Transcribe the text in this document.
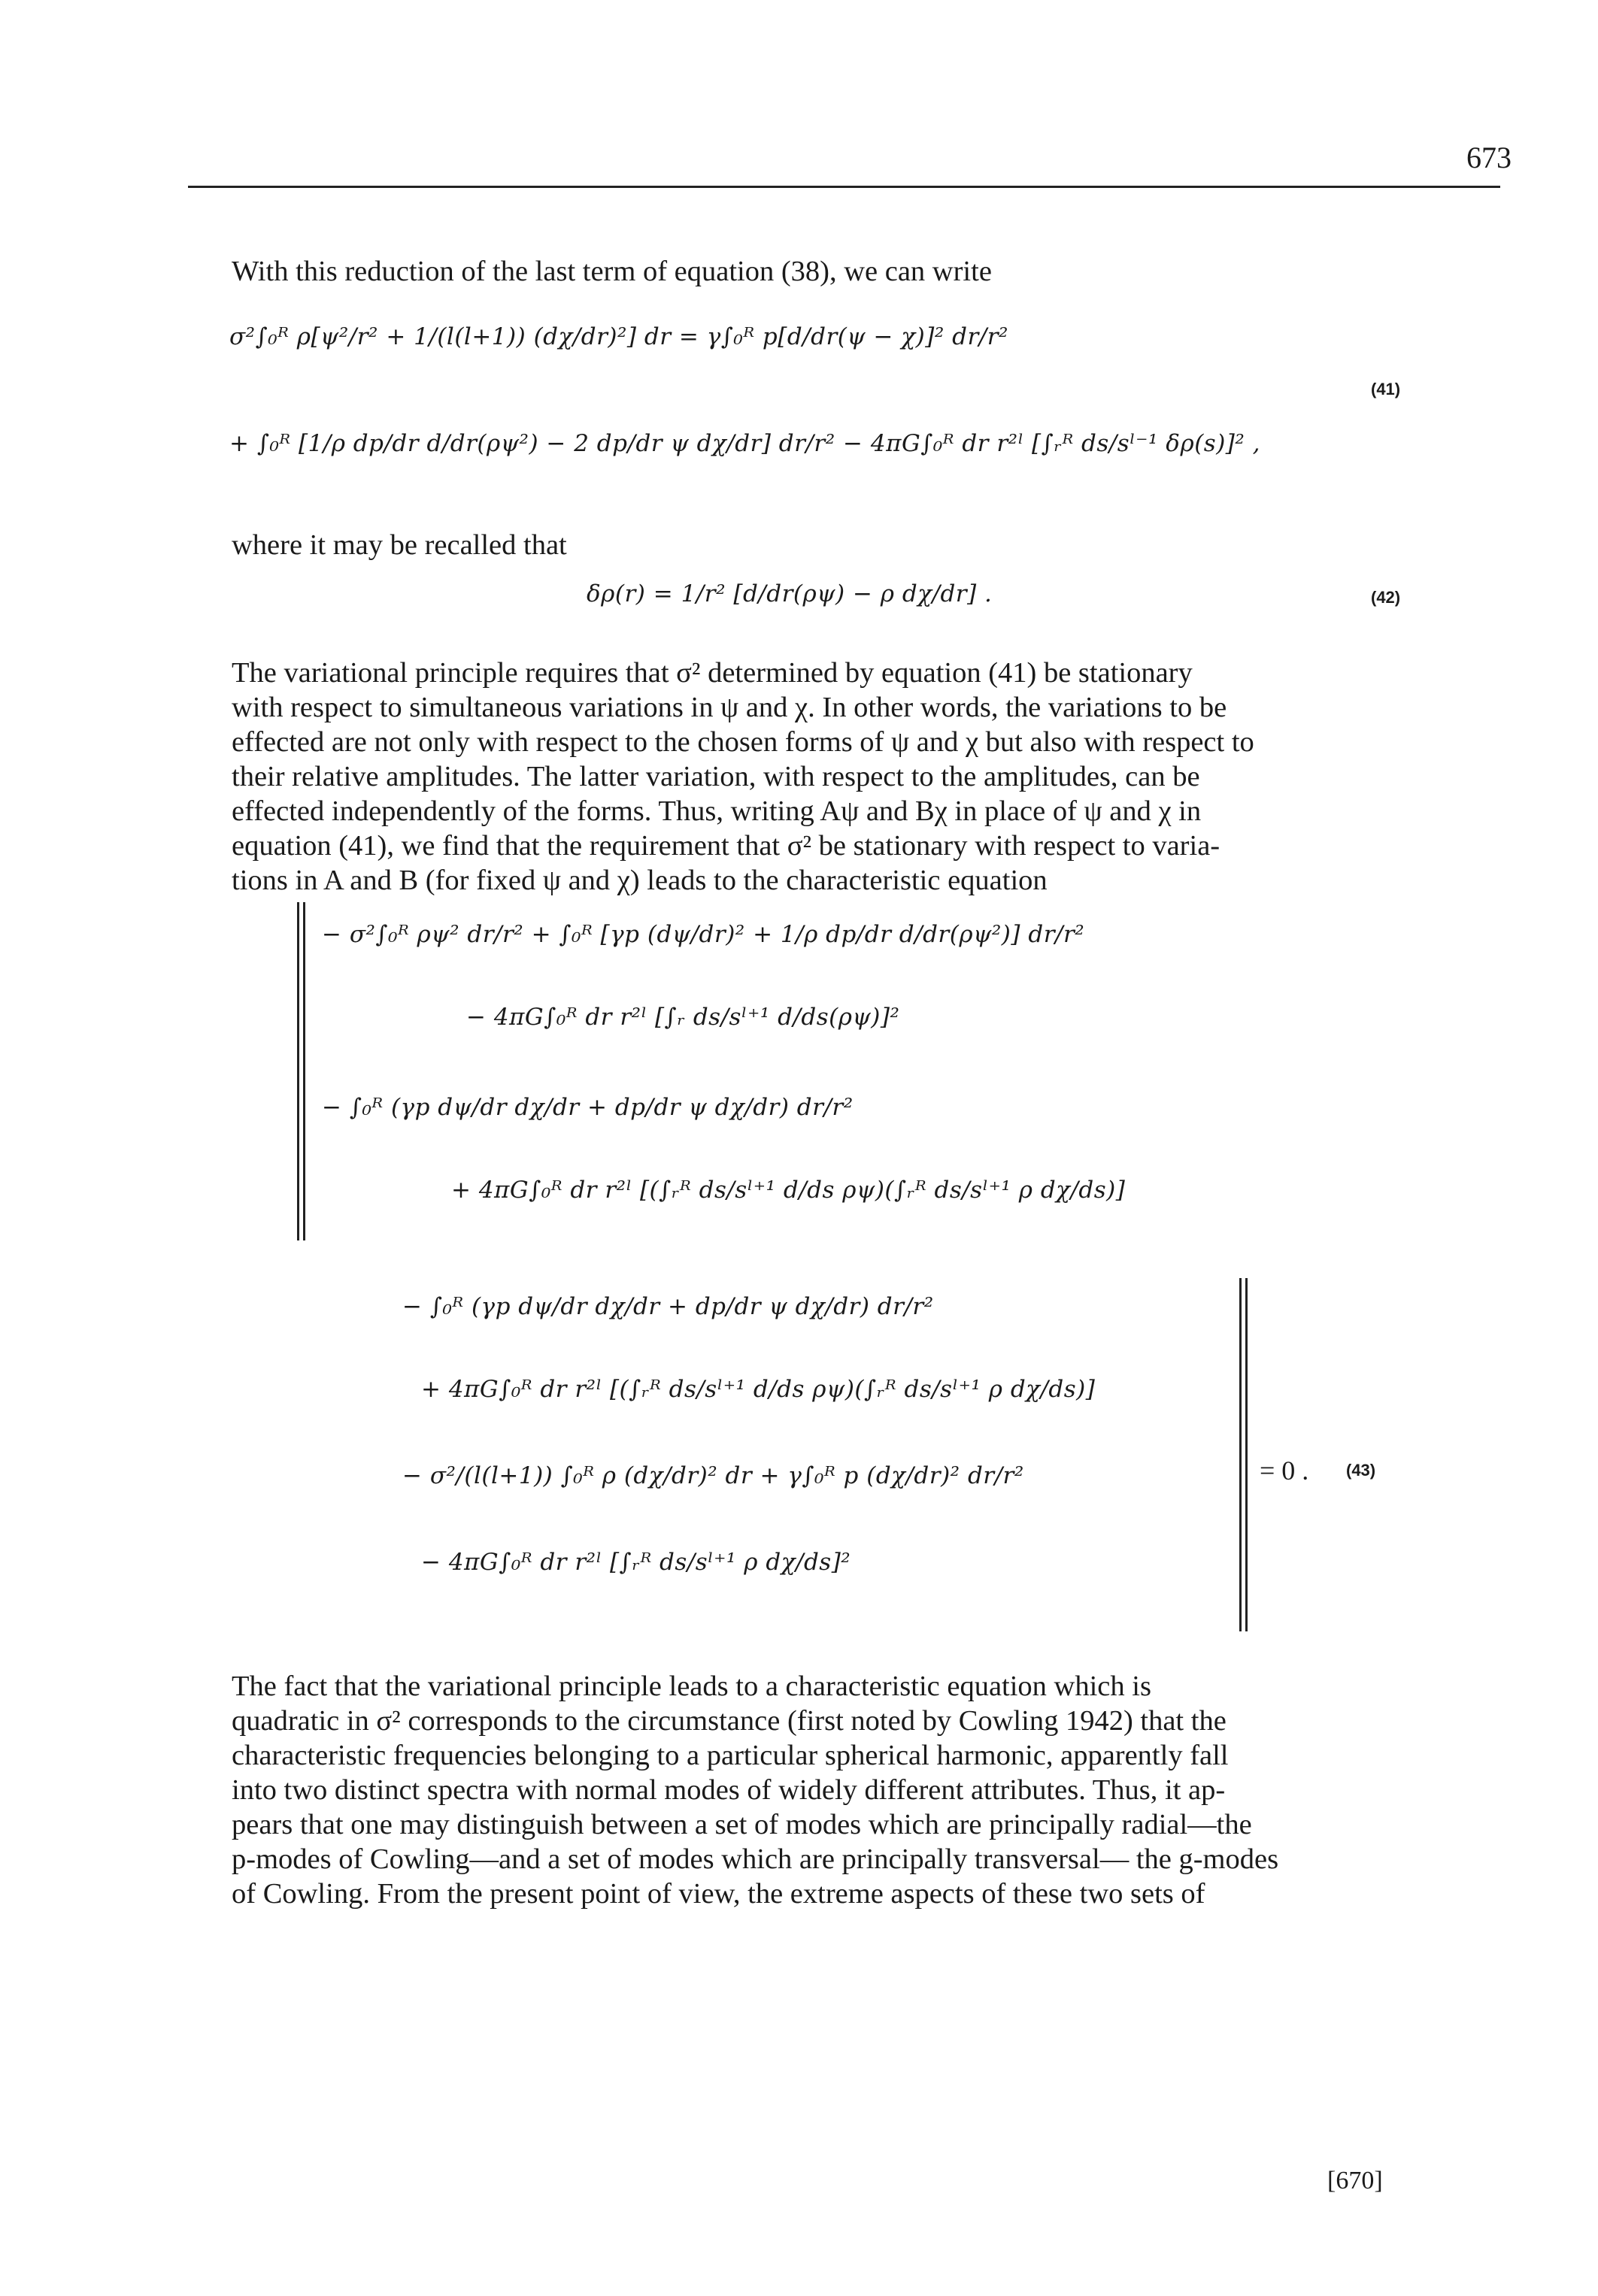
673
With this reduction of the last term of equation (38), we can write
σ²∫₀ᴿ ρ[ψ²/r² + 1/(l(l+1)) (dχ/dr)²] dr = γ∫₀ᴿ p[d/dr(ψ − χ)]² dr/r²
+ ∫₀ᴿ [1/ρ dp/dr d/dr(ρψ²) − 2 dp/dr ψ dχ/dr] dr/r² − 4πG∫₀ᴿ dr r²ˡ [∫ᵣᴿ ds/sˡ⁻¹ δρ(s)]² ,
(41)
where it may be recalled that
δρ(r) = 1/r² [d/dr(ρψ) − ρ dχ/dr] .	(42)
The variational principle requires that σ² determined by equation (41) be stationary
with respect to simultaneous variations in ψ and χ. In other words, the variations to be
effected are not only with respect to the chosen forms of ψ and χ but also with respect to
their relative amplitudes. The latter variation, with respect to the amplitudes, can be
effected independently of the forms. Thus, writing Aψ and Bχ in place of ψ and χ in
equation (41), we find that the requirement that σ² be stationary with respect to varia-
tions in A and B (for fixed ψ and χ) leads to the characteristic equation
− σ²∫₀ᴿ ρψ² dr/r² + ∫₀ᴿ [γp (dψ/dr)² + 1/ρ dp/dr d/dr(ρψ²)] dr/r²
− 4πG∫₀ᴿ dr r²ˡ [∫ᵣ ds/sˡ⁺¹ d/ds(ρψ)]²
− ∫₀ᴿ (γp dψ/dr dχ/dr + dp/dr ψ dχ/dr) dr/r²
+ 4πG∫₀ᴿ dr r²ˡ [(∫ᵣᴿ ds/sˡ⁺¹ d/ds ρψ)(∫ᵣᴿ ds/sˡ⁺¹ ρ dχ/ds)]
− ∫₀ᴿ (γp dψ/dr dχ/dr + dp/dr ψ dχ/dr) dr/r²
+ 4πG∫₀ᴿ dr r²ˡ [(∫ᵣᴿ ds/sˡ⁺¹ d/ds ρψ)(∫ᵣᴿ ds/sˡ⁺¹ ρ dχ/ds)]
− σ²/(l(l+1)) ∫₀ᴿ ρ (dχ/dr)² dr + γ∫₀ᴿ p (dχ/dr)² dr/r²
− 4πG∫₀ᴿ dr r²ˡ [∫ᵣᴿ ds/sˡ⁺¹ ρ dχ/ds]²
= 0 . (43)
The fact that the variational principle leads to a characteristic equation which is
quadratic in σ² corresponds to the circumstance (first noted by Cowling 1942) that the
characteristic frequencies belonging to a particular spherical harmonic, apparently fall
into two distinct spectra with normal modes of widely different attributes. Thus, it ap-
pears that one may distinguish between a set of modes which are principally radial—the
p-modes of Cowling—and a set of modes which are principally transversal— the g-modes
of Cowling. From the present point of view, the extreme aspects of these two sets of
[670]
